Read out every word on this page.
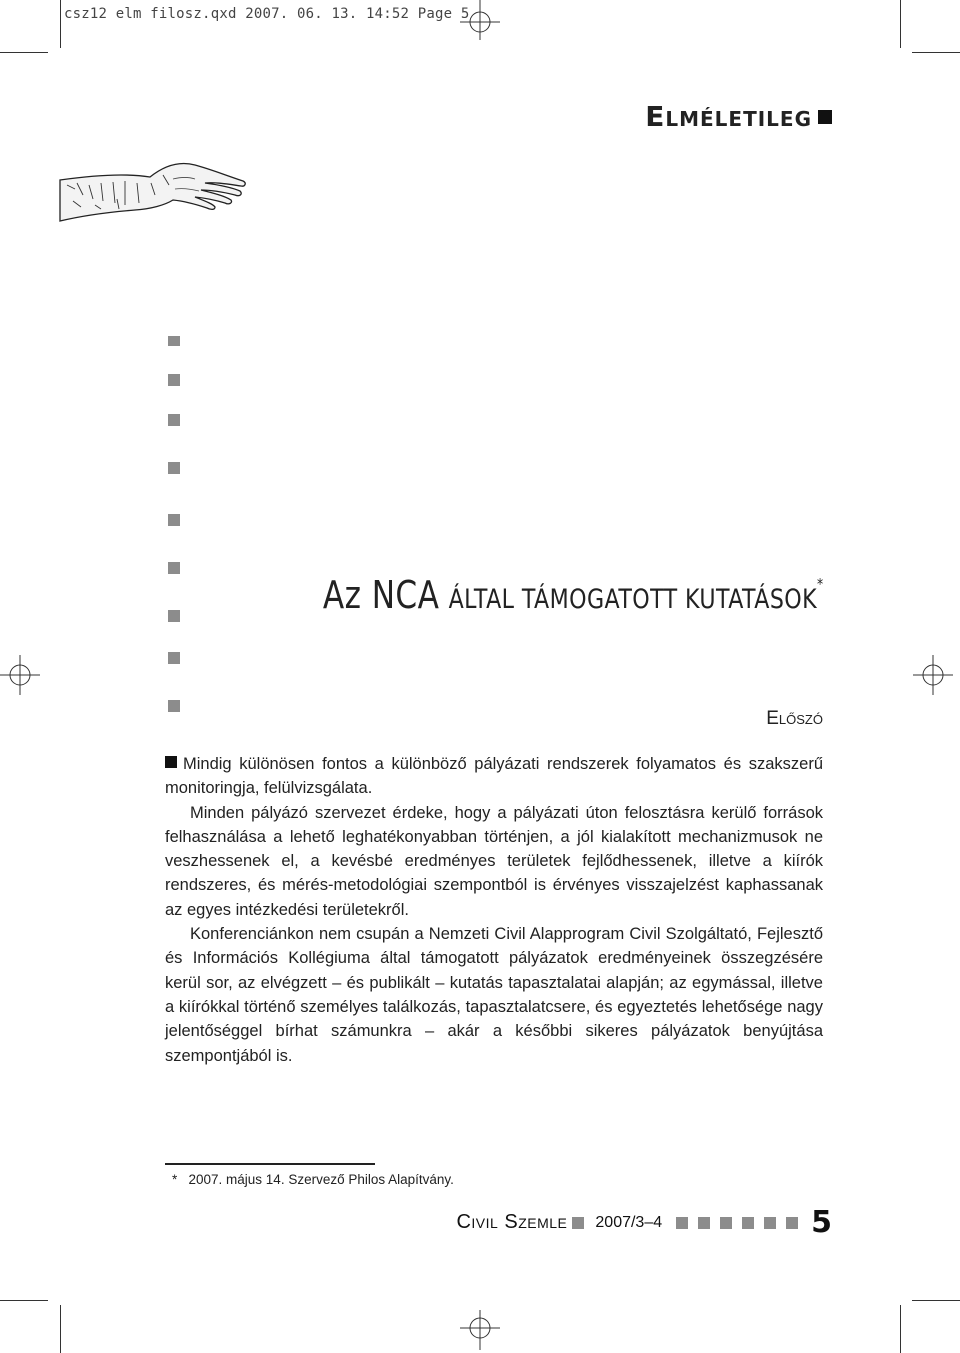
csz12 elm filosz.qxd 2007. 06. 13. 14:52 Page 5
Elméletileg
Az NCA ÁLTAL TÁMOGATOTT KUTATÁSOK*
Előszó

Mindig különösen fontos a különböző pályázati rendszerek folyamatos és szakszerű monitoringja, felülvizsgálata.

Minden pályázó szervezet érdeke, hogy a pályázati úton felosztásra kerülő források felhasználása a lehető leghatékonyabban történjen, a jól kialakított mechanizmusok ne veszhessenek el, a kevésbé eredményes területek fejlődhessenek, illetve a kiírók rendszeres, és mérés-metodológiai szempontból is érvényes visszajelzést kaphassanak az egyes intézkedési területekről.

Konferenciánkon nem csupán a Nemzeti Civil Alapprogram Civil Szolgáltató, Fejlesztő és Információs Kollégiuma által támogatott pályázatok eredményeinek összegzésére kerül sor, az elvégzett – és publikált – kutatás tapasztalatai alapján; az egymással, illetve a kiírókkal történő személyes találkozás, tapasztalatcsere, és egyeztetés lehetősége nagy jelentőséggel bírhat számunkra – akár a későbbi sikeres pályázatok benyújtása szempontjából is.

*   2007. május 14. Szervező Philos Alapítvány.
Civil Szemle 2007/3–4	5
